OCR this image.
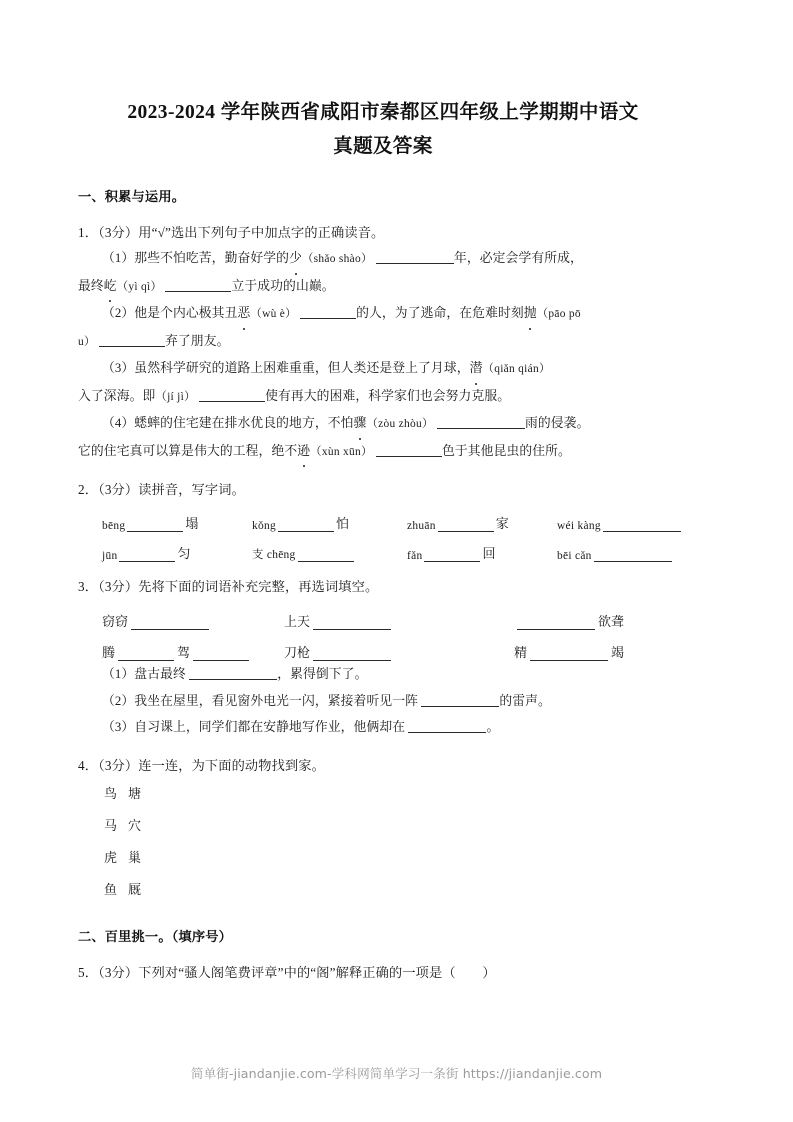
2023-2024 学年陕西省咸阳市秦都区四年级上学期期中语文
真题及答案
一、积累与运用。
1．（3分）用“√”选出下列句子中加点字的正确读音。
（1）那些不怕吃苦，勤奋好学的少（shǎo shào）	年，必定会学有所成，
最终屹（yì qì）	立于成功的山巅。
（2）他是个内心极其丑恶（wù è）	的人，为了逃命，在危难时刻抛（pāo pō
u）	弃了朋友。
（3）虽然科学研究的道路上困难重重，但人类还是登上了月球，潜（qiǎn qián）
入了深海。即（jí jì）	使有再大的困难，科学家们也会努力克服。
（4）蟋蟀的住宅建在排水优良的地方，不怕骤（zòu zhòu）	雨的侵袭。
它的住宅真可以算是伟大的工程，绝不逊（xùn xūn）	色于其他昆虫的住所。
2．（3分）读拼音，写字词。
bēng	塌	kǒng	怕	zhuān	家	wéi kàng
jūn	匀	支 chēng	fǎn	回	bēi cǎn
3．（3分）先将下面的词语补充完整，再选词填空。
窃窃	上天	欲聋
腾	驾	刀枪	精	竭
（1）盘古最终	，累得倒下了。
（2）我坐在屋里，看见窗外电光一闪，紧接着听见一阵	的雷声。
（3）自习课上，同学们都在安静地写作业，他俩却在	。
4．（3分）连一连，为下面的动物找到家。
鸟 塘
马 穴
虎 巢
鱼 厩
二、百里挑一。（填序号）
5．（3分）下列对“骚人阁笔费评章”中的“阁”解释正确的一项是（　　）
简单街-jiandanjie.com-学科网简单学习一条街 https://jiandanjie.com
